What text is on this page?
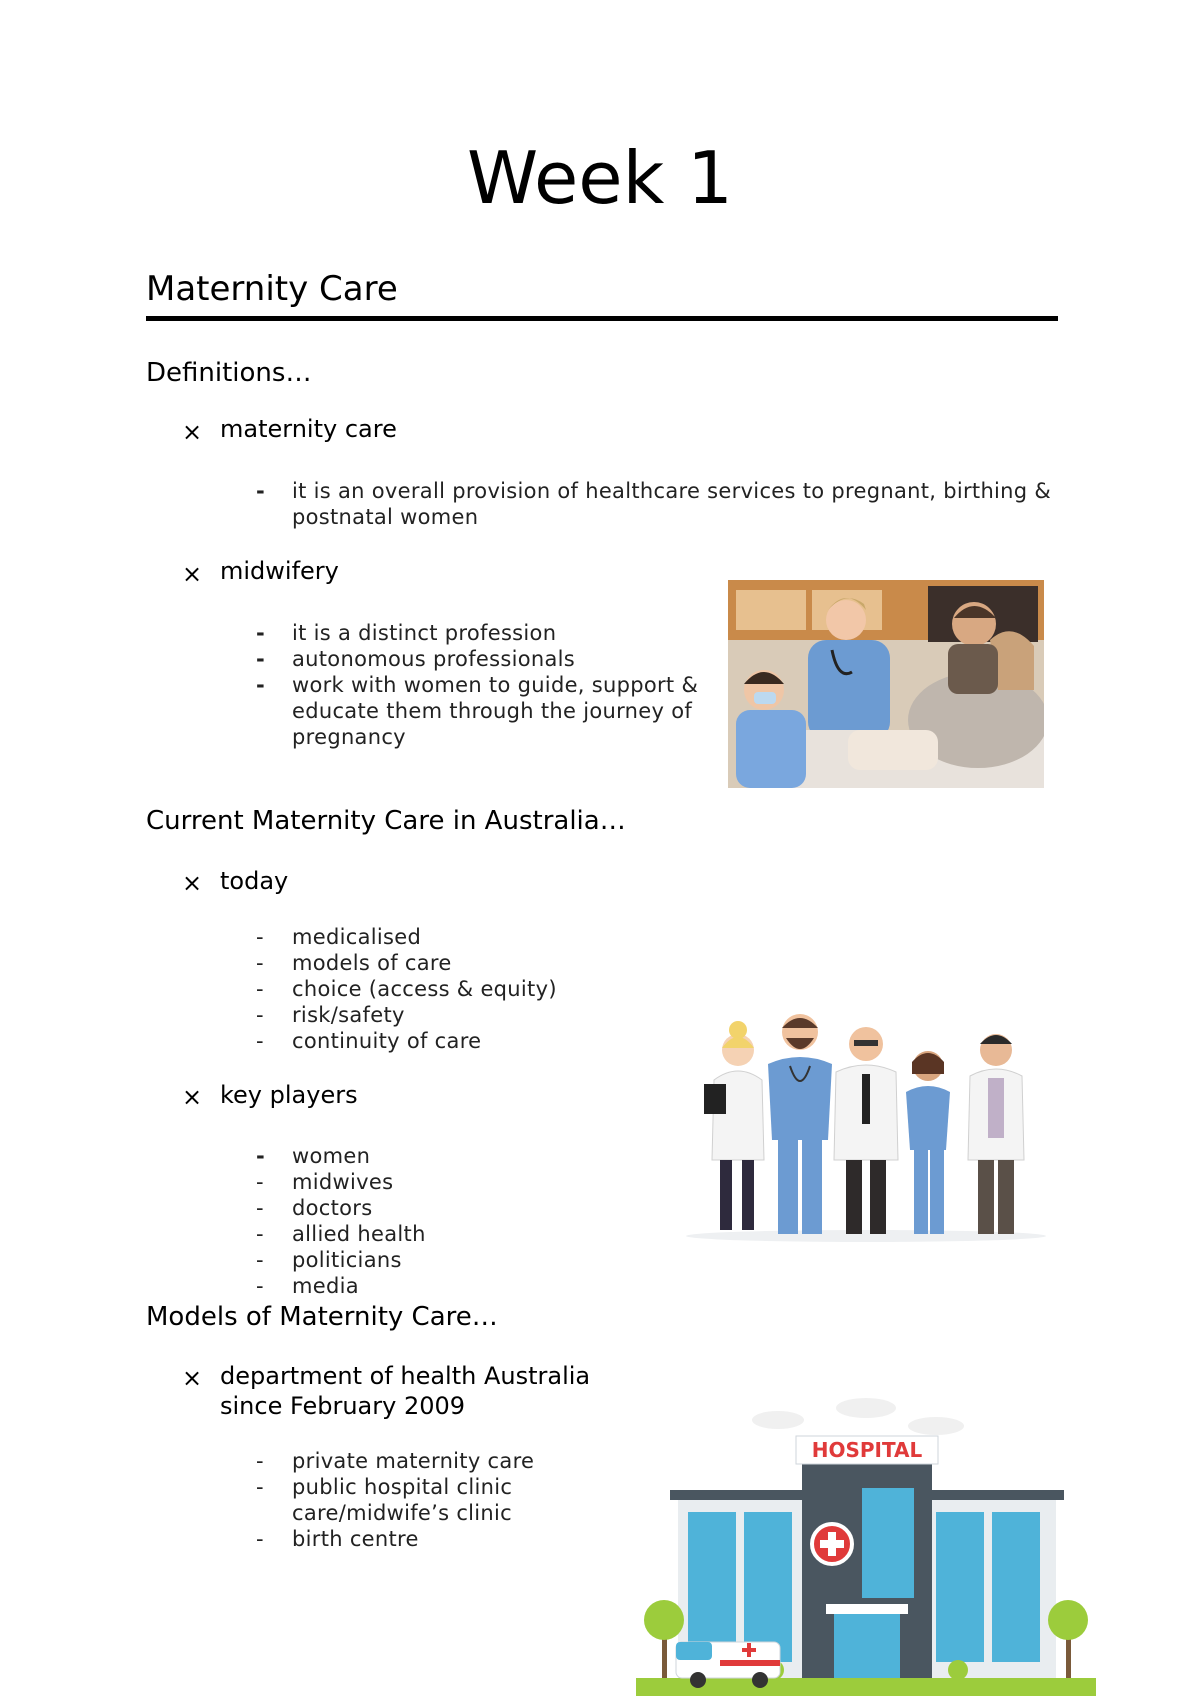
Week 1
Maternity Care
Definitions…
× maternity care
- it is an overall provision of healthcare services to pregnant, birthing & postnatal women
× midwifery
- it is a distinct profession
- autonomous professionals
- work with women to guide, support & educate them through the journey of pregnancy
Current Maternity Care in Australia…
× today
- medicalised
- models of care
- choice (access & equity)
- risk/safety
- continuity of care
× key players
- women
- midwives
- doctors
- allied health
- politicians
- media
Models of Maternity Care…
× department of health Australia
since February 2009
- private maternity care
- public hospital clinic care/midwife’s clinic
- birth centre
HOSPITAL
